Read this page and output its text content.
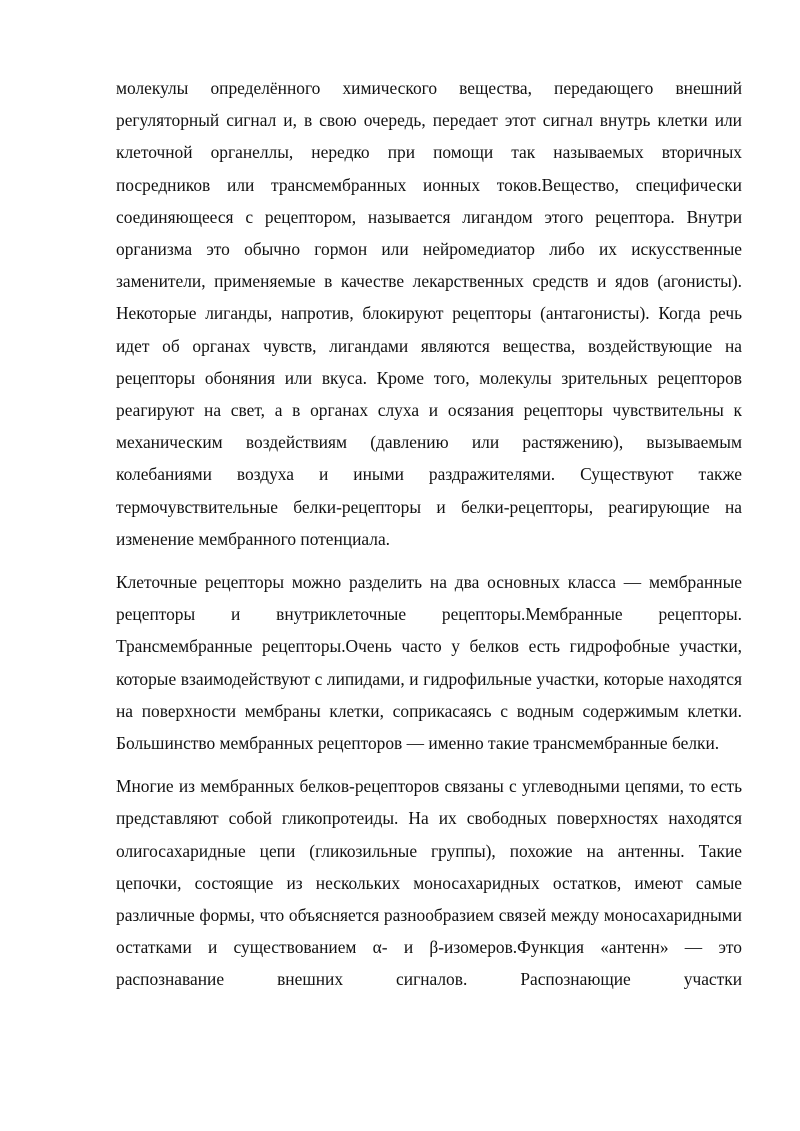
молекулы определённого химического вещества, передающего внешний регуляторный сигнал и, в свою очередь, передает этот сигнал внутрь клетки или клеточной органеллы, нередко при помощи так называемых вторичных посредников или трансмембранных ионных токов.Вещество, специфически соединяющееся с рецептором, называется лигандом этого рецептора. Внутри организма это обычно гормон или нейромедиатор либо их искусственные заменители, применяемые в качестве лекарственных средств и ядов (агонисты). Некоторые лиганды, напротив, блокируют рецепторы (антагонисты). Когда речь идет об органах чувств, лигандами являются вещества, воздействующие на рецепторы обоняния или вкуса. Кроме того, молекулы зрительных рецепторов реагируют на свет, а в органах слуха и осязания рецепторы чувствительны к механическим воздействиям (давлению или растяжению), вызываемым колебаниями воздуха и иными раздражителями. Существуют также термочувствительные белки-рецепторы и белки-рецепторы, реагирующие на изменение мембранного потенциала.

Клеточные рецепторы можно разделить на два основных класса — мембранные рецепторы и внутриклеточные рецепторы.Мембранные рецепторы. Трансмембранные рецепторы.Очень часто у белков есть гидрофобные участки, которые взаимодействуют с липидами, и гидрофильные участки, которые находятся на поверхности мембраны клетки, соприкасаясь с водным содержимым клетки. Большинство мембранных рецепторов — именно такие трансмембранные белки.

Многие из мембранных белков-рецепторов связаны с углеводными цепями, то есть представляют собой гликопротеиды. На их свободных поверхностях находятся олигосахаридные цепи (гликозильные группы), похожие на антенны. Такие цепочки, состоящие из нескольких моносахаридных остатков, имеют самые различные формы, что объясняется разнообразием связей между моносахаридными остатками и существованием α- и β-изомеров.Функция «антенн» — это распознавание внешних сигналов. Распознающие участки
